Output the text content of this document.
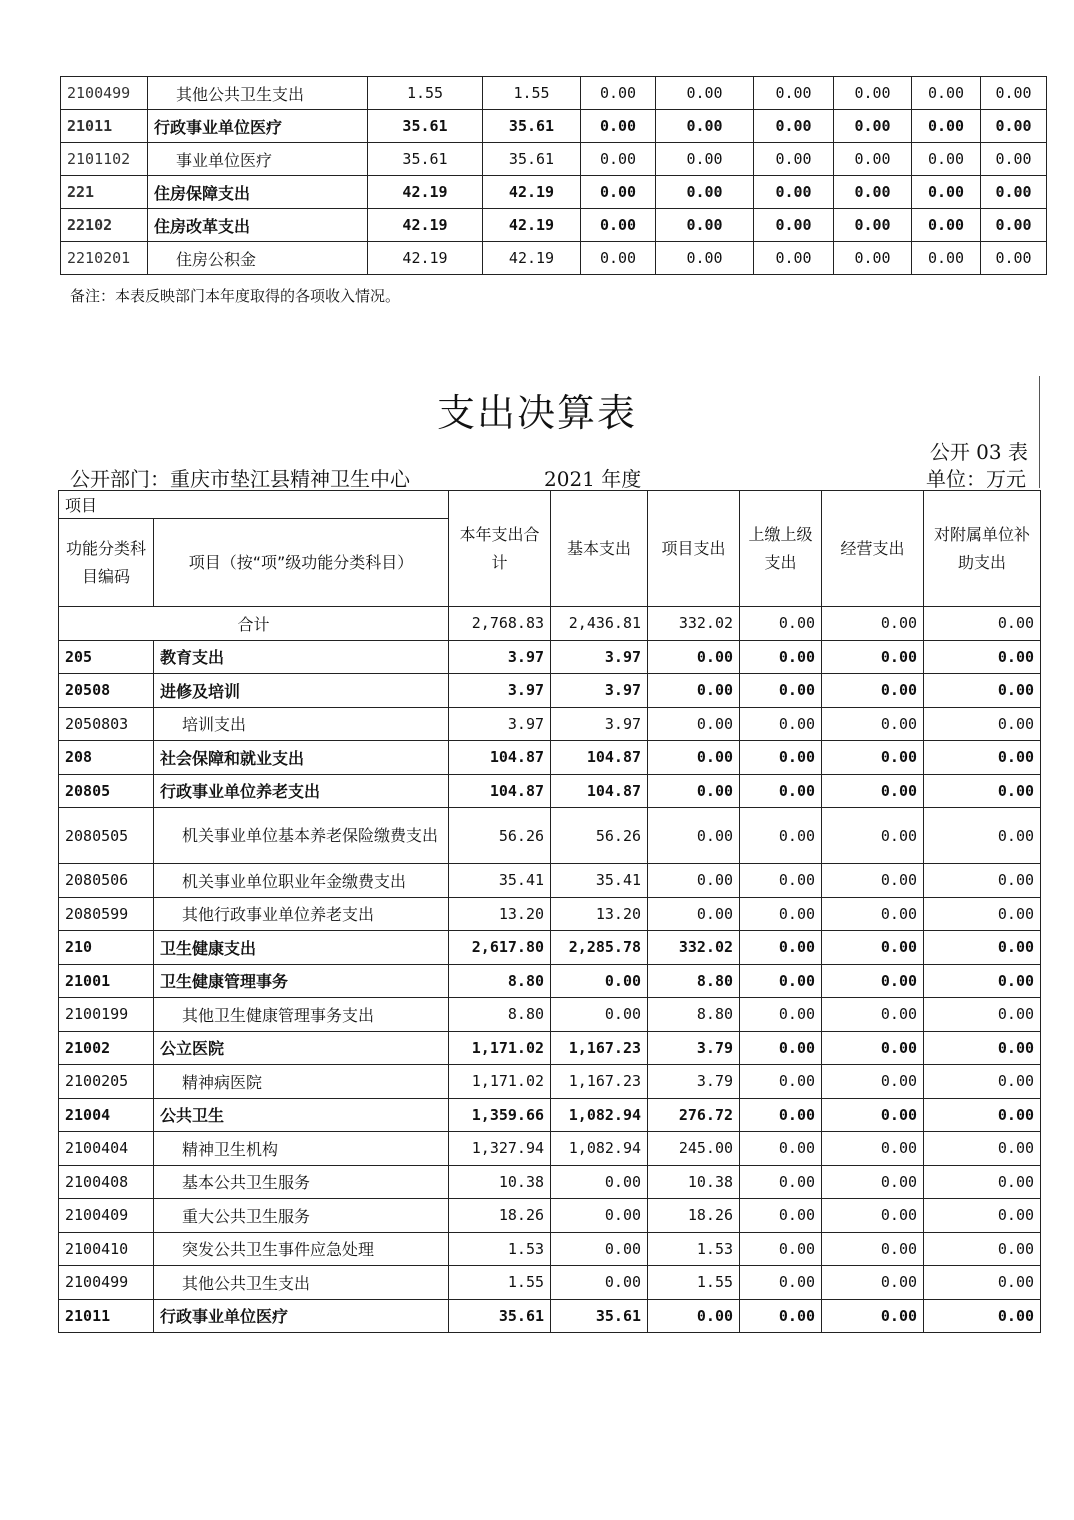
2100499	其他公共卫生支出	1.55	1.55	0.00	0.00	0.00	0.00	0.00	0.00
21011	行政事业单位医疗	35.61	35.61	0.00	0.00	0.00	0.00	0.00	0.00
2101102	事业单位医疗	35.61	35.61	0.00	0.00	0.00	0.00	0.00	0.00
221	住房保障支出	42.19	42.19	0.00	0.00	0.00	0.00	0.00	0.00
22102	住房改革支出	42.19	42.19	0.00	0.00	0.00	0.00	0.00	0.00
2210201	住房公积金	42.19	42.19	0.00	0.00	0.00	0.00	0.00	0.00
备注：本表反映部门本年度取得的各项收入情况。
支出决算表
公开 03 表
公开部门：重庆市垫江县精神卫生中心	2021 年度	单位：万元
项目		本年支出合计	基本支出	项目支出	上缴上级支出	经营支出	对附属单位补助支出
功能分类科目编码	项目（按“项”级功能分类科目）						
合计		2,768.83	2,436.81	332.02	0.00	0.00	0.00
205	教育支出	3.97	3.97	0.00	0.00	0.00	0.00
20508	进修及培训	3.97	3.97	0.00	0.00	0.00	0.00
2050803	培训支出	3.97	3.97	0.00	0.00	0.00	0.00
208	社会保障和就业支出	104.87	104.87	0.00	0.00	0.00	0.00
20805	行政事业单位养老支出	104.87	104.87	0.00	0.00	0.00	0.00
2080505	机关事业单位基本养老保险缴费支出	56.26	56.26	0.00	0.00	0.00	0.00
2080506	机关事业单位职业年金缴费支出	35.41	35.41	0.00	0.00	0.00	0.00
2080599	其他行政事业单位养老支出	13.20	13.20	0.00	0.00	0.00	0.00
210	卫生健康支出	2,617.80	2,285.78	332.02	0.00	0.00	0.00
21001	卫生健康管理事务	8.80	0.00	8.80	0.00	0.00	0.00
2100199	其他卫生健康管理事务支出	8.80	0.00	8.80	0.00	0.00	0.00
21002	公立医院	1,171.02	1,167.23	3.79	0.00	0.00	0.00
2100205	精神病医院	1,171.02	1,167.23	3.79	0.00	0.00	0.00
21004	公共卫生	1,359.66	1,082.94	276.72	0.00	0.00	0.00
2100404	精神卫生机构	1,327.94	1,082.94	245.00	0.00	0.00	0.00
2100408	基本公共卫生服务	10.38	0.00	10.38	0.00	0.00	0.00
2100409	重大公共卫生服务	18.26	0.00	18.26	0.00	0.00	0.00
2100410	突发公共卫生事件应急处理	1.53	0.00	1.53	0.00	0.00	0.00
2100499	其他公共卫生支出	1.55	0.00	1.55	0.00	0.00	0.00
21011	行政事业单位医疗	35.61	35.61	0.00	0.00	0.00	0.00
